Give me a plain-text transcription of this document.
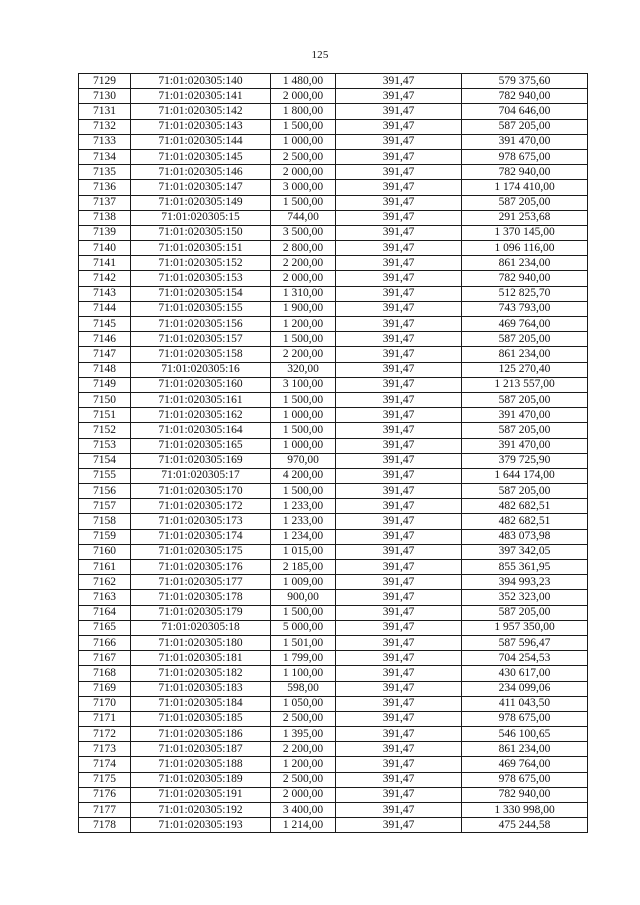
125
7129	71:01:020305:140	1 480,00	391,47	579 375,60
7130	71:01:020305:141	2 000,00	391,47	782 940,00
7131	71:01:020305:142	1 800,00	391,47	704 646,00
7132	71:01:020305:143	1 500,00	391,47	587 205,00
7133	71:01:020305:144	1 000,00	391,47	391 470,00
7134	71:01:020305:145	2 500,00	391,47	978 675,00
7135	71:01:020305:146	2 000,00	391,47	782 940,00
7136	71:01:020305:147	3 000,00	391,47	1 174 410,00
7137	71:01:020305:149	1 500,00	391,47	587 205,00
7138	71:01:020305:15	744,00	391,47	291 253,68
7139	71:01:020305:150	3 500,00	391,47	1 370 145,00
7140	71:01:020305:151	2 800,00	391,47	1 096 116,00
7141	71:01:020305:152	2 200,00	391,47	861 234,00
7142	71:01:020305:153	2 000,00	391,47	782 940,00
7143	71:01:020305:154	1 310,00	391,47	512 825,70
7144	71:01:020305:155	1 900,00	391,47	743 793,00
7145	71:01:020305:156	1 200,00	391,47	469 764,00
7146	71:01:020305:157	1 500,00	391,47	587 205,00
7147	71:01:020305:158	2 200,00	391,47	861 234,00
7148	71:01:020305:16	320,00	391,47	125 270,40
7149	71:01:020305:160	3 100,00	391,47	1 213 557,00
7150	71:01:020305:161	1 500,00	391,47	587 205,00
7151	71:01:020305:162	1 000,00	391,47	391 470,00
7152	71:01:020305:164	1 500,00	391,47	587 205,00
7153	71:01:020305:165	1 000,00	391,47	391 470,00
7154	71:01:020305:169	970,00	391,47	379 725,90
7155	71:01:020305:17	4 200,00	391,47	1 644 174,00
7156	71:01:020305:170	1 500,00	391,47	587 205,00
7157	71:01:020305:172	1 233,00	391,47	482 682,51
7158	71:01:020305:173	1 233,00	391,47	482 682,51
7159	71:01:020305:174	1 234,00	391,47	483 073,98
7160	71:01:020305:175	1 015,00	391,47	397 342,05
7161	71:01:020305:176	2 185,00	391,47	855 361,95
7162	71:01:020305:177	1 009,00	391,47	394 993,23
7163	71:01:020305:178	900,00	391,47	352 323,00
7164	71:01:020305:179	1 500,00	391,47	587 205,00
7165	71:01:020305:18	5 000,00	391,47	1 957 350,00
7166	71:01:020305:180	1 501,00	391,47	587 596,47
7167	71:01:020305:181	1 799,00	391,47	704 254,53
7168	71:01:020305:182	1 100,00	391,47	430 617,00
7169	71:01:020305:183	598,00	391,47	234 099,06
7170	71:01:020305:184	1 050,00	391,47	411 043,50
7171	71:01:020305:185	2 500,00	391,47	978 675,00
7172	71:01:020305:186	1 395,00	391,47	546 100,65
7173	71:01:020305:187	2 200,00	391,47	861 234,00
7174	71:01:020305:188	1 200,00	391,47	469 764,00
7175	71:01:020305:189	2 500,00	391,47	978 675,00
7176	71:01:020305:191	2 000,00	391,47	782 940,00
7177	71:01:020305:192	3 400,00	391,47	1 330 998,00
7178	71:01:020305:193	1 214,00	391,47	475 244,58
